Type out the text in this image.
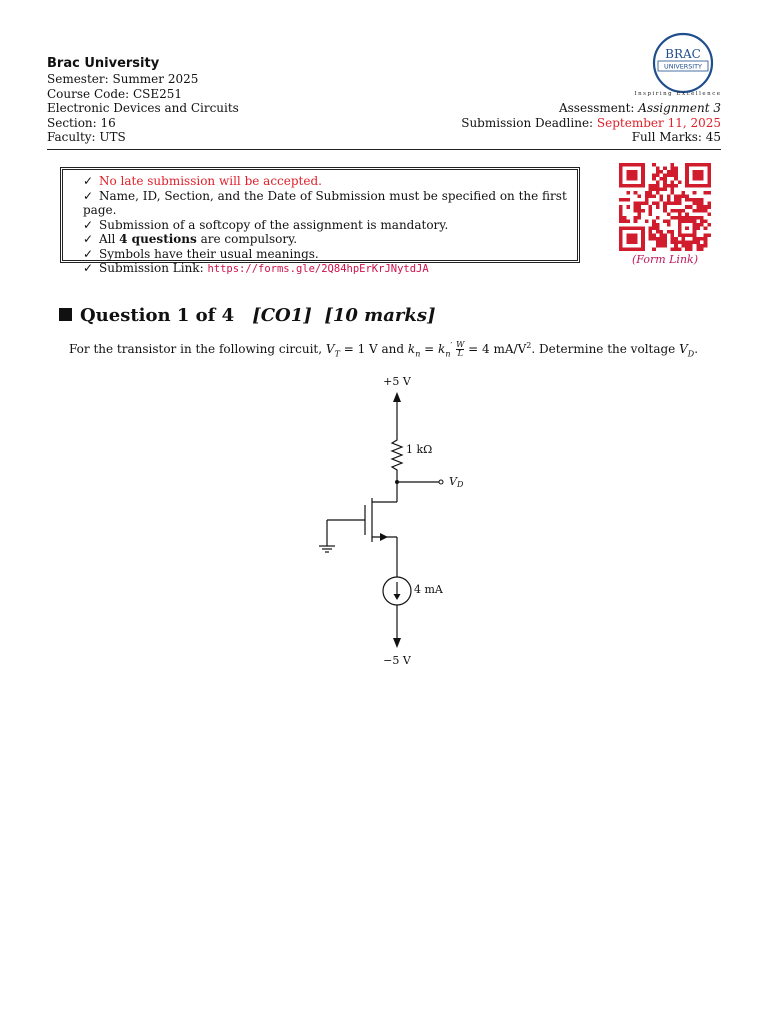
Brac University
Semester: Summer 2025
Course Code: CSE251
Electronic Devices and Circuits
Section: 16
Faculty: UTS
BRAC
UNIVERSITY
Inspiring Excellence
Assessment: Assignment 3
Submission Deadline: September 11, 2025
Full Marks: 45
✓ No late submission will be accepted.
✓ Name, ID, Section, and the Date of Submission must be specified on the first page.
✓ Submission of a softcopy of the assignment is mandatory.
✓ All 4 questions are compulsory.
✓ Symbols have their usual meanings.
✓ Submission Link: https://forms.gle/2Q84hpErKrJNytdJA
(Form Link)
Question 1 of 4 [CO1] [10 marks]
For the transistor in the following circuit, $V_T = 1$ V and $k_n = k_n' \frac{W}{L} = 4$ $mA/V^2$. Determine the voltage $V_D$.
+5 V
1 kΩ
VD
4 mA
−5 V
